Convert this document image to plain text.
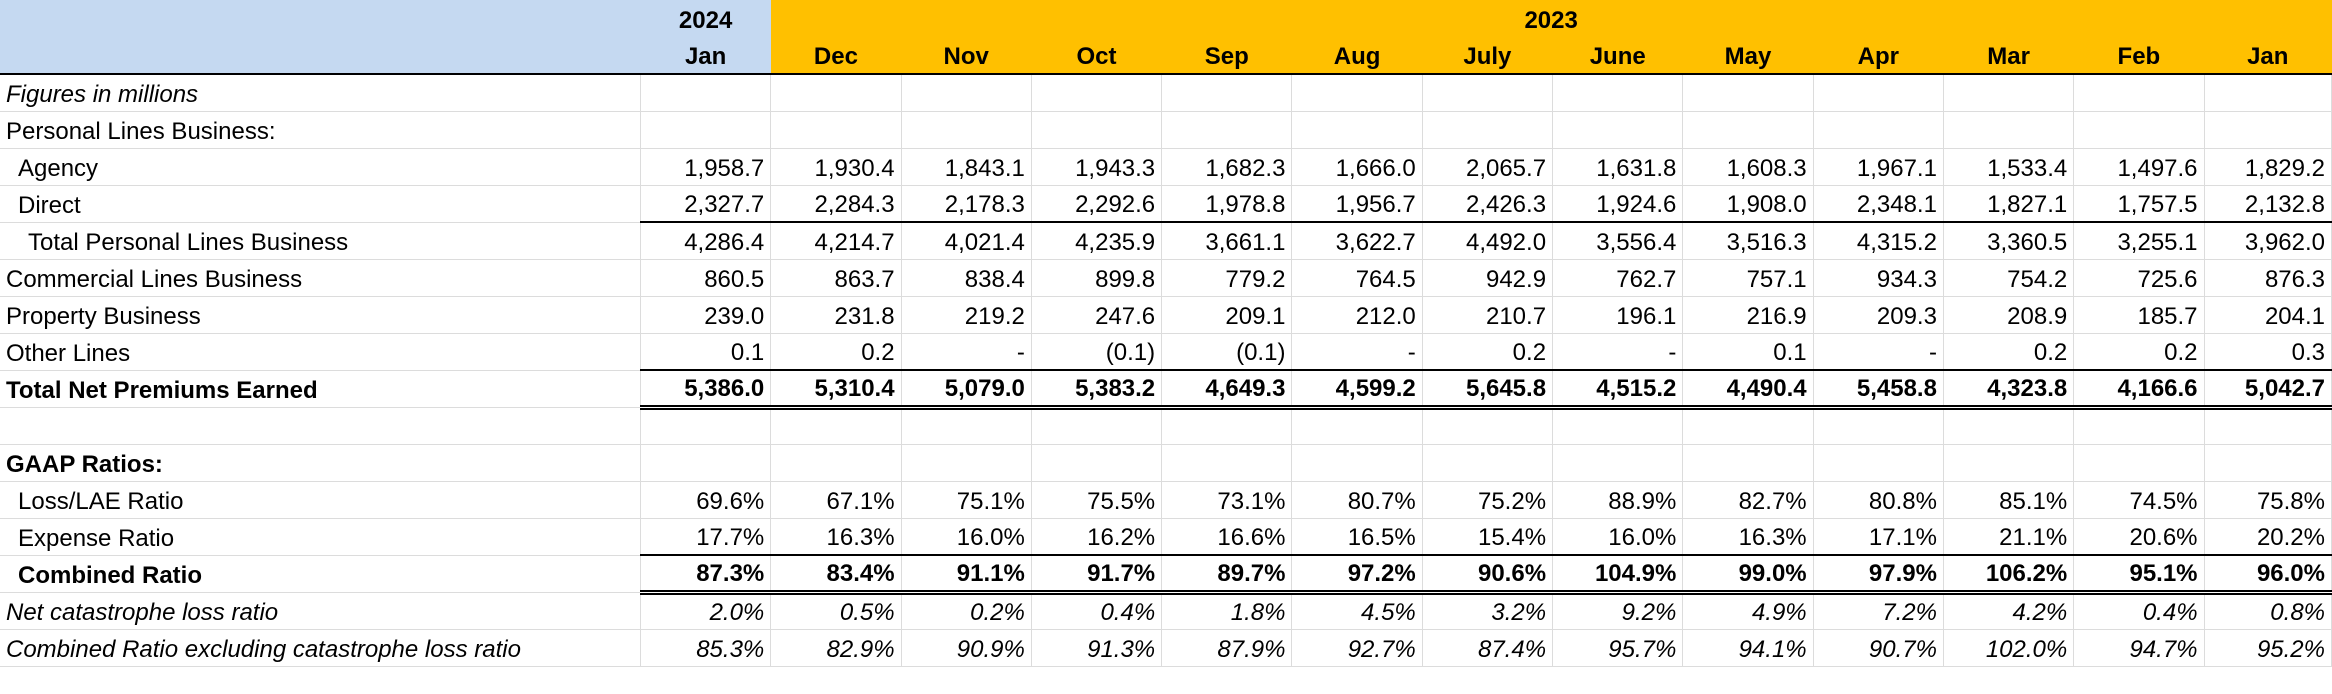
	2024	2023											
	Jan	Dec	Nov	Oct	Sep	Aug	July	June	May	Apr	Mar	Feb	Jan
Figures in millions													
Personal Lines Business:													
Agency	1,958.7	1,930.4	1,843.1	1,943.3	1,682.3	1,666.0	2,065.7	1,631.8	1,608.3	1,967.1	1,533.4	1,497.6	1,829.2
Direct	2,327.7	2,284.3	2,178.3	2,292.6	1,978.8	1,956.7	2,426.3	1,924.6	1,908.0	2,348.1	1,827.1	1,757.5	2,132.8
Total Personal Lines Business	4,286.4	4,214.7	4,021.4	4,235.9	3,661.1	3,622.7	4,492.0	3,556.4	3,516.3	4,315.2	3,360.5	3,255.1	3,962.0
Commercial Lines Business	860.5	863.7	838.4	899.8	779.2	764.5	942.9	762.7	757.1	934.3	754.2	725.6	876.3
Property Business	239.0	231.8	219.2	247.6	209.1	212.0	210.7	196.1	216.9	209.3	208.9	185.7	204.1
Other Lines	0.1	0.2	-	(0.1)	(0.1)	-	0.2	-	0.1	-	0.2	0.2	0.3
Total Net Premiums Earned	5,386.0	5,310.4	5,079.0	5,383.2	4,649.3	4,599.2	5,645.8	4,515.2	4,490.4	5,458.8	4,323.8	4,166.6	5,042.7

GAAP Ratios:													
Loss/LAE Ratio	69.6%	67.1%	75.1%	75.5%	73.1%	80.7%	75.2%	88.9%	82.7%	80.8%	85.1%	74.5%	75.8%
Expense Ratio	17.7%	16.3%	16.0%	16.2%	16.6%	16.5%	15.4%	16.0%	16.3%	17.1%	21.1%	20.6%	20.2%
Combined Ratio	87.3%	83.4%	91.1%	91.7%	89.7%	97.2%	90.6%	104.9%	99.0%	97.9%	106.2%	95.1%	96.0%
Net catastrophe loss ratio	2.0%	0.5%	0.2%	0.4%	1.8%	4.5%	3.2%	9.2%	4.9%	7.2%	4.2%	0.4%	0.8%
Combined Ratio excluding catastrophe loss ratio	85.3%	82.9%	90.9%	91.3%	87.9%	92.7%	87.4%	95.7%	94.1%	90.7%	102.0%	94.7%	95.2%
